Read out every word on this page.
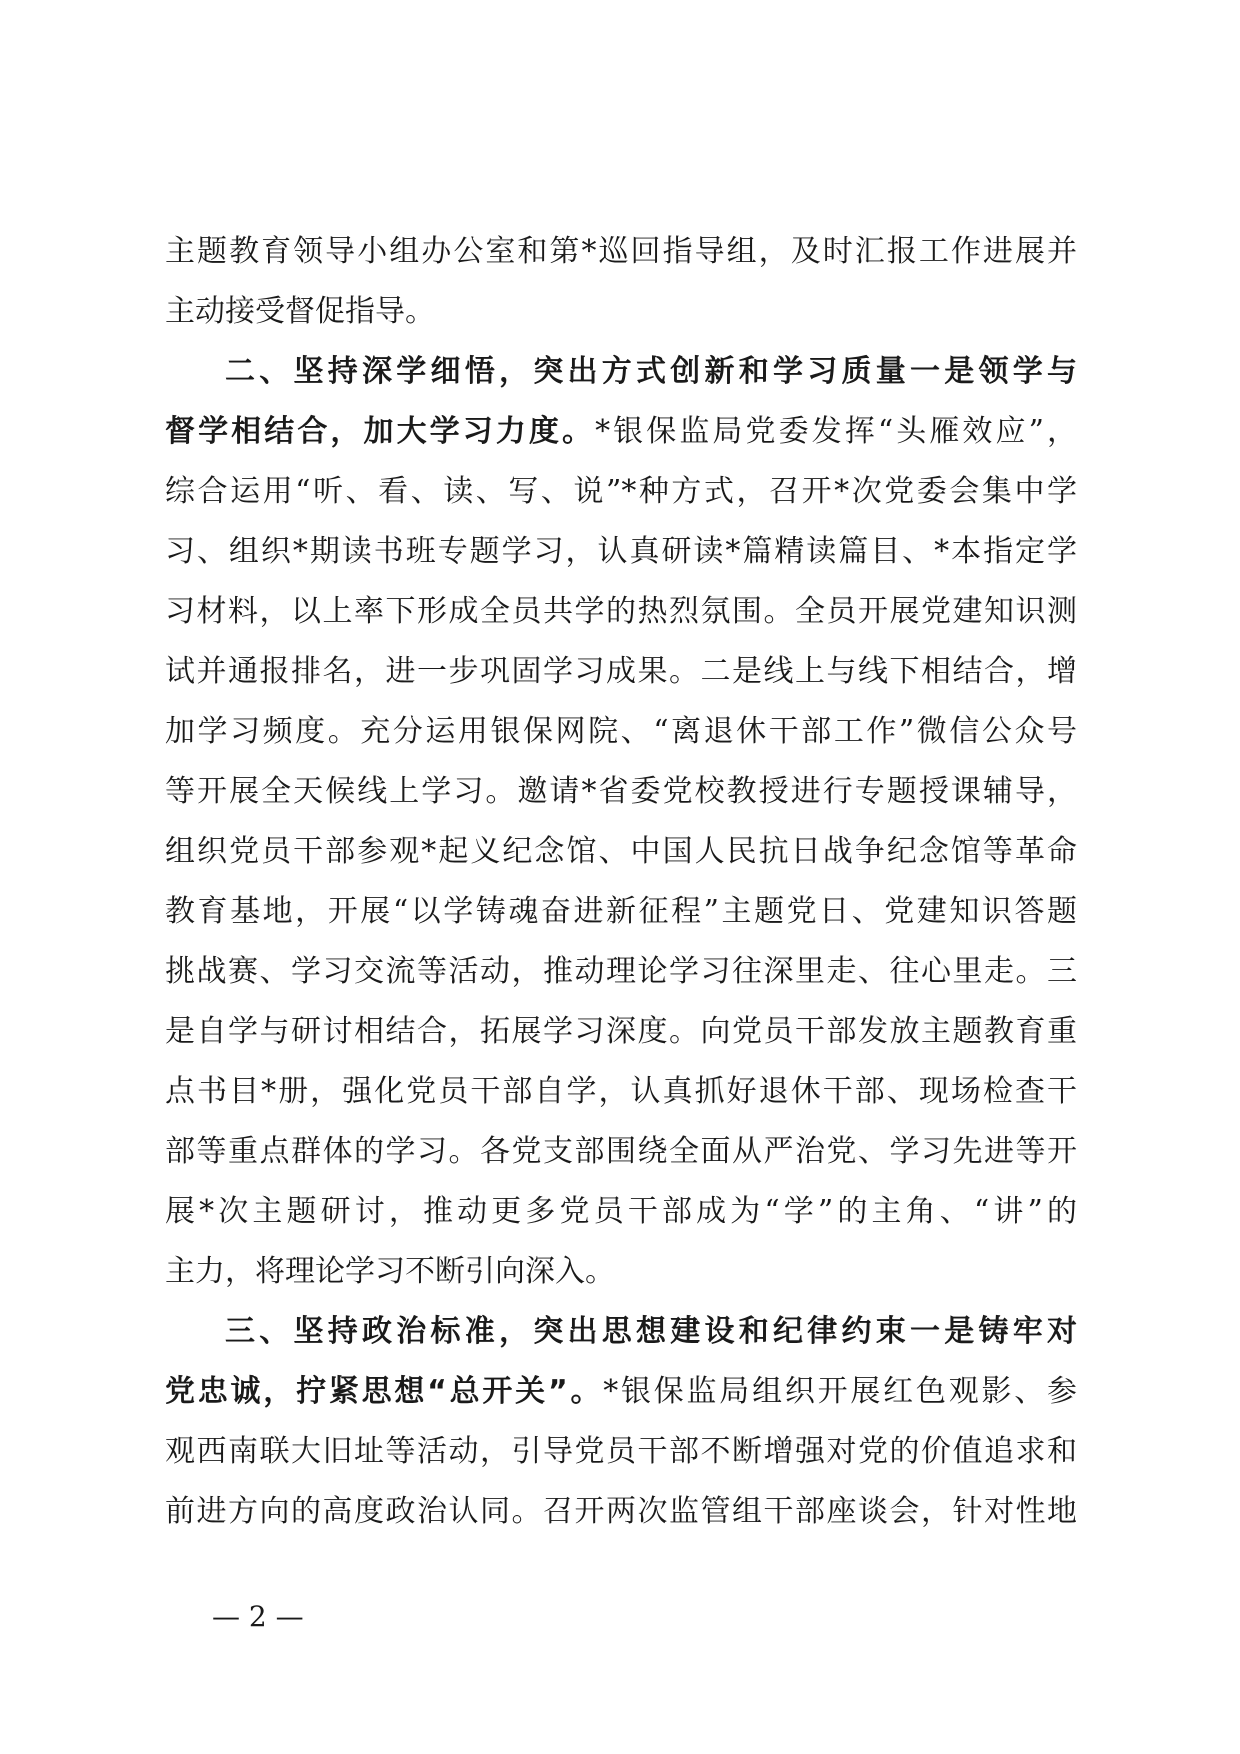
主题教育领导小组办公室和第*巡回指导组，及时汇报工作进展并
主动接受督促指导。
二、坚持深学细悟，突出方式创新和学习质量一是领学与
督学相结合，加大学习力度。*银保监局党委发挥“头雁效应”，
综合运用“听、看、读、写、说”*种方式，召开*次党委会集中学
习、组织*期读书班专题学习，认真研读*篇精读篇目、*本指定学
习材料，以上率下形成全员共学的热烈氛围。全员开展党建知识测
试并通报排名，进一步巩固学习成果。二是线上与线下相结合，增
加学习频度。充分运用银保网院、“离退休干部工作”微信公众号
等开展全天候线上学习。邀请*省委党校教授进行专题授课辅导，
组织党员干部参观*起义纪念馆、中国人民抗日战争纪念馆等革命
教育基地，开展“以学铸魂奋进新征程”主题党日、党建知识答题
挑战赛、学习交流等活动，推动理论学习往深里走、往心里走。三
是自学与研讨相结合，拓展学习深度。向党员干部发放主题教育重
点书目*册，强化党员干部自学，认真抓好退休干部、现场检查干
部等重点群体的学习。各党支部围绕全面从严治党、学习先进等开
展*次主题研讨，推动更多党员干部成为“学”的主角、“讲”的
主力，将理论学习不断引向深入。
三、坚持政治标准，突出思想建设和纪律约束一是铸牢对
党忠诚，拧紧思想“总开关”。*银保监局组织开展红色观影、参
观西南联大旧址等活动，引导党员干部不断增强对党的价值追求和
前进方向的高度政治认同。召开两次监管组干部座谈会，针对性地
— 2 —
